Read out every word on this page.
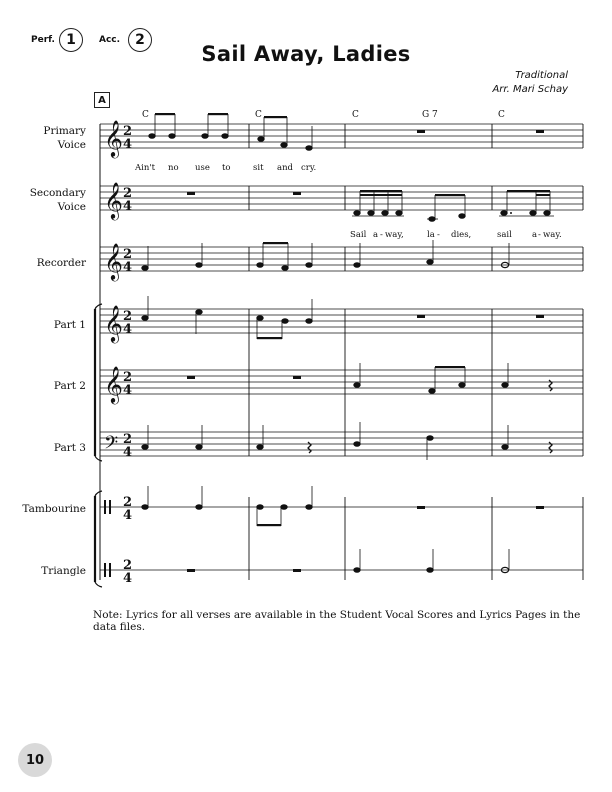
Perf. 1	Acc. 2
Sail Away, Ladies
Traditional
Arr. Mari Schay
A
Primary
Voice
Secondary
Voice
Recorder
Part 1
Part 2
Part 3
Tambourine
Triangle
C	C	C	G 7	C
𝄞
𝄞
𝄞
𝄞
𝄞
𝄢
2
4
2
4
2
4
2
4
2
4
2
4
2
4
2
4
Ain't no use to	sit and cry.
Sail a - way,	la - dies,	sail a - way.
Note: Lyrics for all verses are available in the Student Vocal Scores and Lyrics Pages in the data files.
10
